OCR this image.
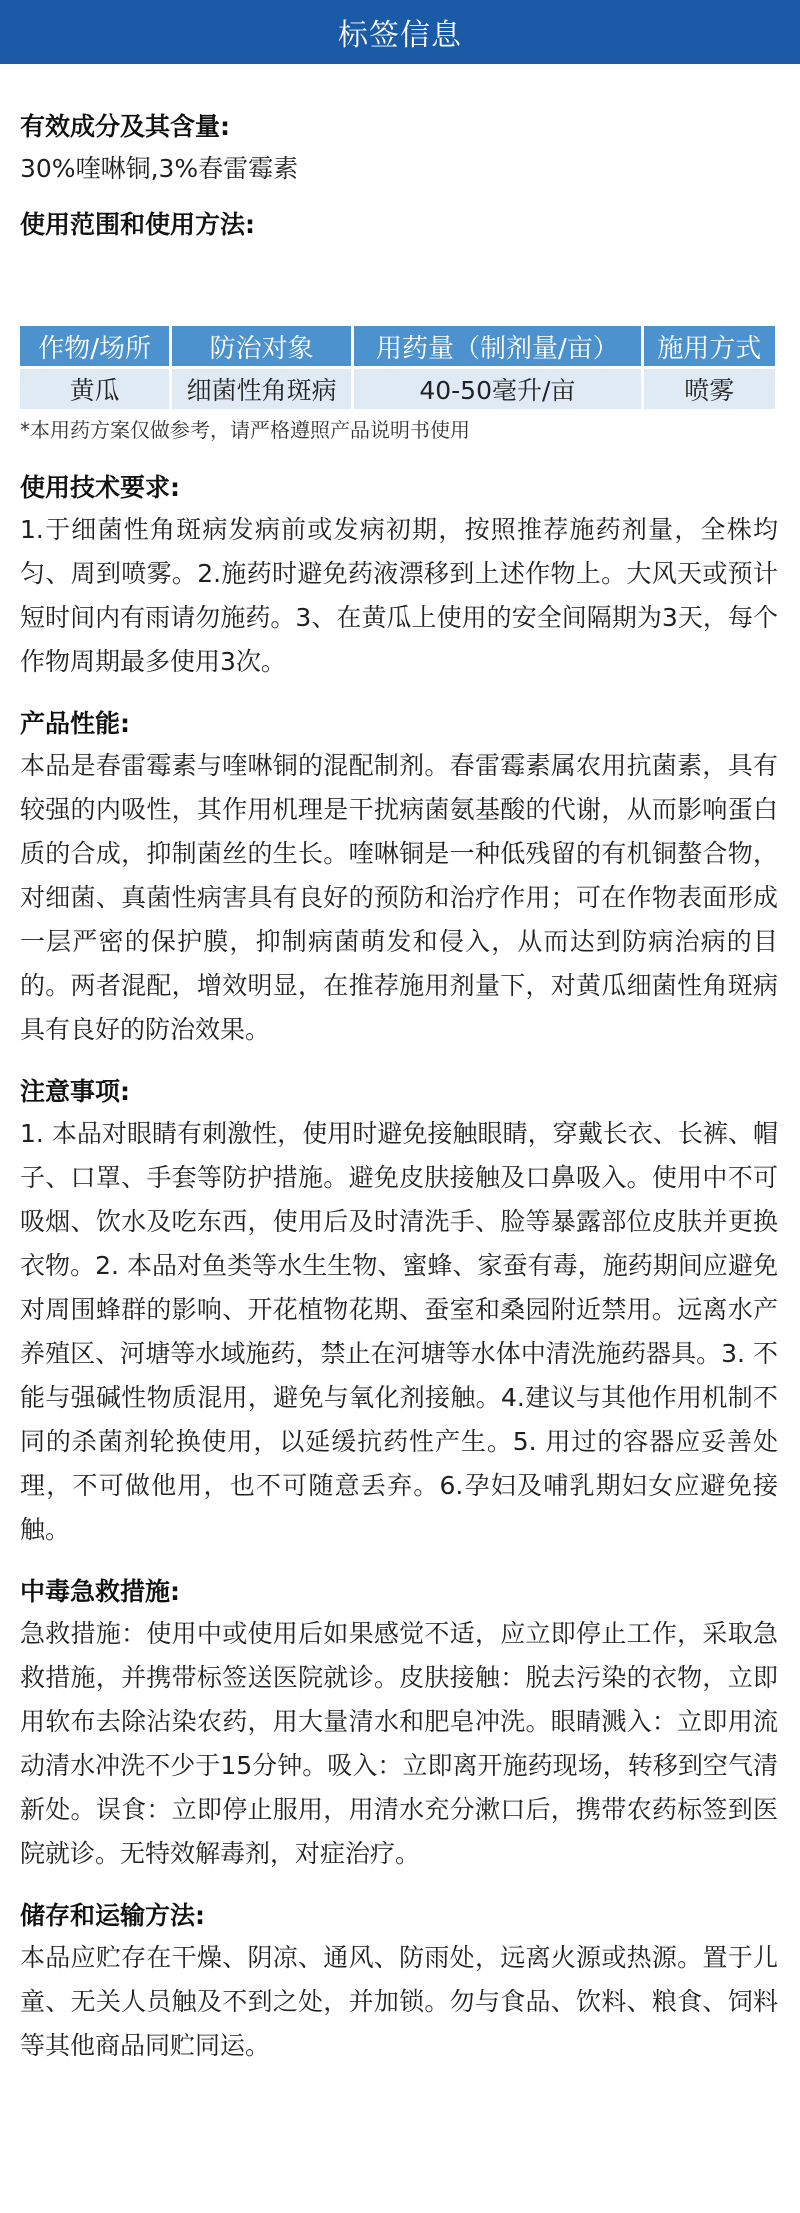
标签信息
有效成分及其含量:

30%喹啉铜,3%春雷霉素

使用范围和使用方法:
作物/场所	防治对象	用药量（制剂量/亩）	施用方式
黄瓜	细菌性角斑病	40-50毫升/亩	喷雾
*本用药方案仅做参考，请严格遵照产品说明书使用
使用技术要求:

1.于细菌性角斑病发病前或发病初期，按照推荐施药剂量，全株均匀、周到喷雾。2.施药时避免药液漂移到上述作物上。大风天或预计短时间内有雨请勿施药。3、在黄瓜上使用的安全间隔期为3天，每个作物周期最多使用3次。

产品性能:

本品是春雷霉素与喹啉铜的混配制剂。春雷霉素属农用抗菌素，具有较强的内吸性，其作用机理是干扰病菌氨基酸的代谢，从而影响蛋白质的合成，抑制菌丝的生长。喹啉铜是一种低残留的有机铜螯合物，对细菌、真菌性病害具有良好的预防和治疗作用；可在作物表面形成一层严密的保护膜，抑制病菌萌发和侵入，从而达到防病治病的目的。两者混配，增效明显，在推荐施用剂量下，对黄瓜细菌性角斑病具有良好的防治效果。

注意事项:

1. 本品对眼睛有刺激性，使用时避免接触眼睛，穿戴长衣、长裤、帽子、口罩、手套等防护措施。避免皮肤接触及口鼻吸入。使用中不可吸烟、饮水及吃东西，使用后及时清洗手、脸等暴露部位皮肤并更换衣物。2. 本品对鱼类等水生生物、蜜蜂、家蚕有毒，施药期间应避免对周围蜂群的影响、开花植物花期、蚕室和桑园附近禁用。远离水产养殖区、河塘等水域施药，禁止在河塘等水体中清洗施药器具。3. 不能与强碱性物质混用，避免与氧化剂接触。4.建议与其他作用机制不同的杀菌剂轮换使用，以延缓抗药性产生。5. 用过的容器应妥善处理，不可做他用，也不可随意丢弃。6.孕妇及哺乳期妇女应避免接触。

中毒急救措施:

急救措施：使用中或使用后如果感觉不适，应立即停止工作，采取急救措施，并携带标签送医院就诊。皮肤接触：脱去污染的衣物，立即用软布去除沾染农药，用大量清水和肥皂冲洗。眼睛溅入：立即用流动清水冲洗不少于15分钟。吸入：立即离开施药现场，转移到空气清新处。误食：立即停止服用，用清水充分漱口后，携带农药标签到医院就诊。无特效解毒剂，对症治疗。

储存和运输方法:

本品应贮存在干燥、阴凉、通风、防雨处，远离火源或热源。置于儿童、无关人员触及不到之处，并加锁。勿与食品、饮料、粮食、饲料等其他商品同贮同运。
